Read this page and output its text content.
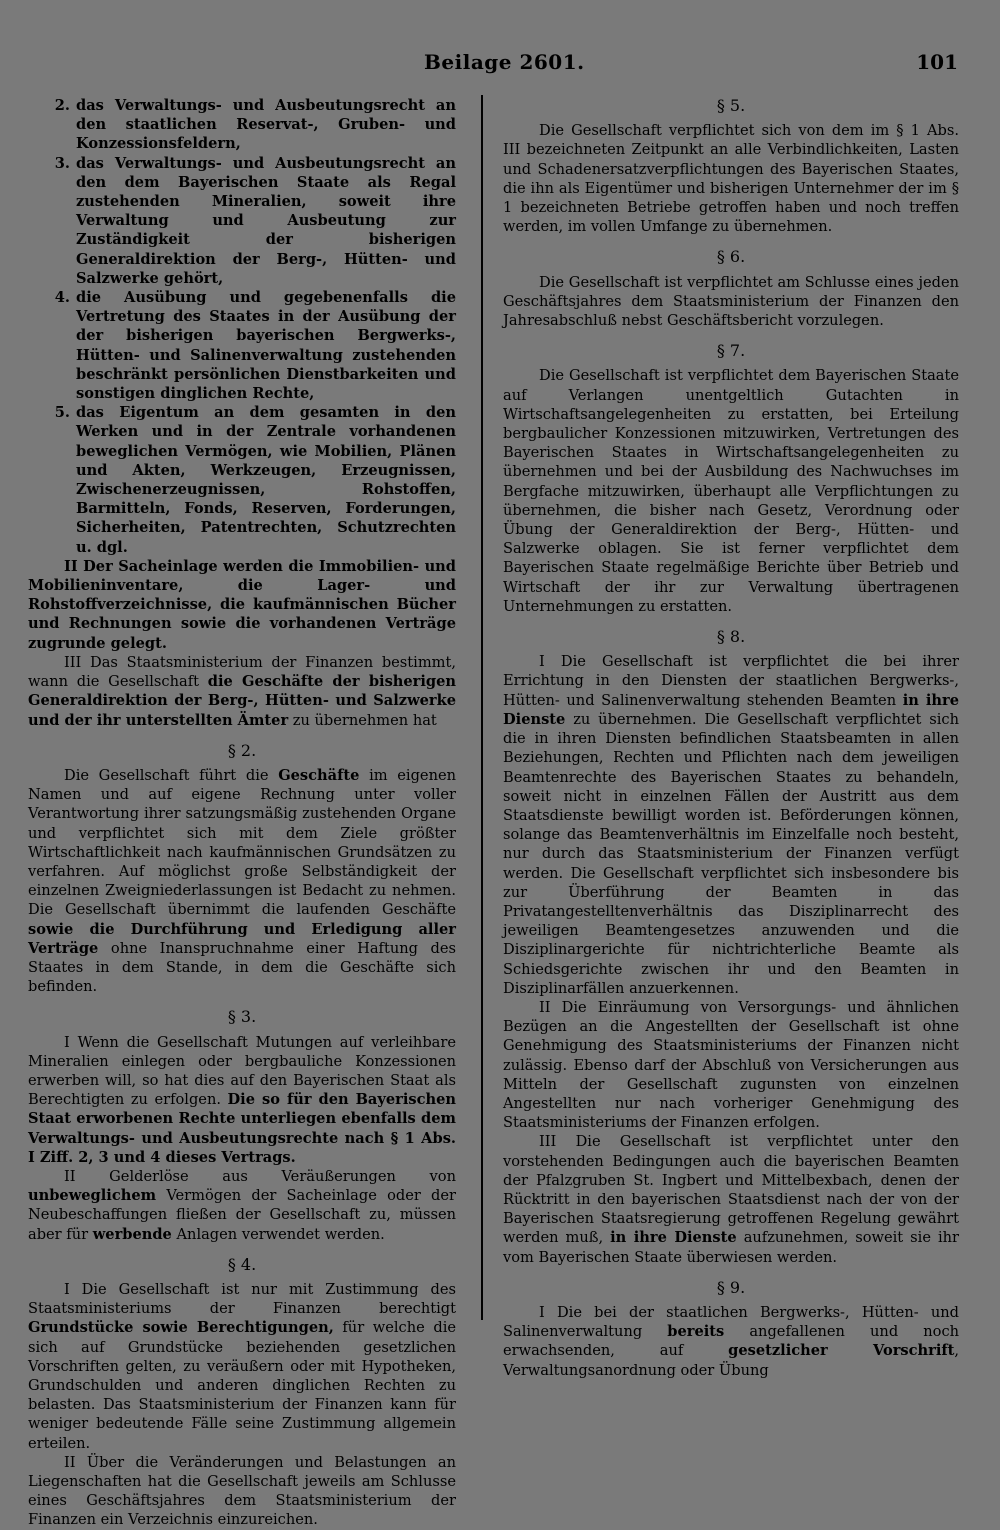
Beilage 2601.	101
2. das Verwaltungs- und Ausbeutungsrecht an den staatlichen Reservat-, Gruben- und Konzessionsfeldern,
3. das Verwaltungs- und Ausbeutungsrecht an den dem Bayerischen Staate als Regal zustehenden Mineralien, soweit ihre Verwaltung und Ausbeutung zur Zuständigkeit der bisherigen Generaldirektion der Berg-, Hütten- und Salzwerke gehört,
4. die Ausübung und gegebenenfalls die Vertretung des Staates in der Ausübung der der bisherigen bayerischen Bergwerks-, Hütten- und Salinenverwaltung zustehenden beschränkt persönlichen Dienstbarkeiten und sonstigen dinglichen Rechte,
5. das Eigentum an dem gesamten in den Werken und in der Zentrale vorhandenen beweglichen Vermögen, wie Mobilien, Plänen und Akten, Werkzeugen, Erzeugnissen, Zwischenerzeugnissen, Rohstoffen, Barmitteln, Fonds, Reserven, Forderungen, Sicherheiten, Patentrechten, Schutzrechten u. dgl.

II Der Sacheinlage werden die Immobilien- und Mobilieninventare, die Lager- und Rohstoffverzeichnisse, die kaufmännischen Bücher und Rechnungen sowie die vorhandenen Verträge zugrunde gelegt.

III Das Staatsministerium der Finanzen bestimmt, wann die Gesellschaft die Geschäfte der bisherigen Generaldirektion der Berg-, Hütten- und Salzwerke und der ihr unterstellten Ämter zu übernehmen hat

§ 2.

Die Gesellschaft führt die Geschäfte im eigenen Namen und auf eigene Rechnung unter voller Verantwortung ihrer satzungsmäßig zustehenden Organe und verpflichtet sich mit dem Ziele größter Wirtschaftlichkeit nach kaufmännischen Grundsätzen zu verfahren. Auf möglichst große Selbständigkeit der einzelnen Zweigniederlassungen ist Bedacht zu nehmen. Die Gesellschaft übernimmt die laufenden Geschäfte sowie die Durchführung und Erledigung aller Verträge ohne Inanspruchnahme einer Haftung des Staates in dem Stande, in dem die Geschäfte sich befinden.

§ 3.

I Wenn die Gesellschaft Mutungen auf verleihbare Mineralien einlegen oder bergbauliche Konzessionen erwerben will, so hat dies auf den Bayerischen Staat als Berechtigten zu erfolgen. Die so für den Bayerischen Staat erworbenen Rechte unterliegen ebenfalls dem Verwaltungs- und Ausbeutungsrechte nach § 1 Abs. I Ziff. 2, 3 und 4 dieses Vertrags.

II Gelderlöse aus Veräußerungen von unbeweglichem Vermögen der Sacheinlage oder der Neubeschaffungen fließen der Gesellschaft zu, müssen aber für werbende Anlagen verwendet werden.

§ 4.

I Die Gesellschaft ist nur mit Zustimmung des Staatsministeriums der Finanzen berechtigt Grundstücke sowie Berechtigungen, für welche die sich auf Grundstücke beziehenden gesetzlichen Vorschriften gelten, zu veräußern oder mit Hypotheken, Grundschulden und anderen dinglichen Rechten zu belasten. Das Staatsministerium der Finanzen kann für weniger bedeutende Fälle seine Zustimmung allgemein erteilen.

II Über die Veränderungen und Belastungen an Liegenschaften hat die Gesellschaft jeweils am Schlusse eines Geschäftsjahres dem Staatsministerium der Finanzen ein Verzeichnis einzureichen.

§ 5.

Die Gesellschaft verpflichtet sich von dem im § 1 Abs. III bezeichneten Zeitpunkt an alle Verbindlichkeiten, Lasten und Schadenersatzverpflichtungen des Bayerischen Staates, die ihn als Eigentümer und bisherigen Unternehmer der im § 1 bezeichneten Betriebe getroffen haben und noch treffen werden, im vollen Umfange zu übernehmen.

§ 6.

Die Gesellschaft ist verpflichtet am Schlusse eines jeden Geschäftsjahres dem Staatsministerium der Finanzen den Jahresabschluß nebst Geschäftsbericht vorzulegen.

§ 7.

Die Gesellschaft ist verpflichtet dem Bayerischen Staate auf Verlangen unentgeltlich Gutachten in Wirtschaftsangelegenheiten zu erstatten, bei Erteilung bergbaulicher Konzessionen mitzuwirken, Vertretungen des Bayerischen Staates in Wirtschaftsangelegenheiten zu übernehmen und bei der Ausbildung des Nachwuchses im Bergfache mitzuwirken, überhaupt alle Verpflichtungen zu übernehmen, die bisher nach Gesetz, Verordnung oder Übung der Generaldirektion der Berg-, Hütten- und Salzwerke oblagen. Sie ist ferner verpflichtet dem Bayerischen Staate regelmäßige Berichte über Betrieb und Wirtschaft der ihr zur Verwaltung übertragenen Unternehmungen zu erstatten.

§ 8.

I Die Gesellschaft ist verpflichtet die bei ihrer Errichtung in den Diensten der staatlichen Bergwerks-, Hütten- und Salinenverwaltung stehenden Beamten in ihre Dienste zu übernehmen. Die Gesellschaft verpflichtet sich die in ihren Diensten befindlichen Staatsbeamten in allen Beziehungen, Rechten und Pflichten nach dem jeweiligen Beamtenrechte des Bayerischen Staates zu behandeln, soweit nicht in einzelnen Fällen der Austritt aus dem Staatsdienste bewilligt worden ist. Beförderungen können, solange das Beamtenverhältnis im Einzelfalle noch besteht, nur durch das Staatsministerium der Finanzen verfügt werden. Die Gesellschaft verpflichtet sich insbesondere bis zur Überführung der Beamten in das Privatangestelltenverhältnis das Disziplinarrecht des jeweiligen Beamtengesetzes anzuwenden und die Disziplinargerichte für nichtrichterliche Beamte als Schiedsgerichte zwischen ihr und den Beamten in Disziplinarfällen anzuerkennen.

II Die Einräumung von Versorgungs- und ähnlichen Bezügen an die Angestellten der Gesellschaft ist ohne Genehmigung des Staatsministeriums der Finanzen nicht zulässig. Ebenso darf der Abschluß von Versicherungen aus Mitteln der Gesellschaft zugunsten von einzelnen Angestellten nur nach vorheriger Genehmigung des Staatsministeriums der Finanzen erfolgen.

III Die Gesellschaft ist verpflichtet unter den vorstehenden Bedingungen auch die bayerischen Beamten der Pfalzgruben St. Ingbert und Mittelbexbach, denen der Rücktritt in den bayerischen Staatsdienst nach der von der Bayerischen Staatsregierung getroffenen Regelung gewährt werden muß, in ihre Dienste aufzunehmen, soweit sie ihr vom Bayerischen Staate überwiesen werden.

§ 9.

I Die bei der staatlichen Bergwerks-, Hütten- und Salinenverwaltung bereits angefallenen und noch erwachsenden, auf	gesetzlicher Vorschrift, Verwaltungsanordnung oder Übung
